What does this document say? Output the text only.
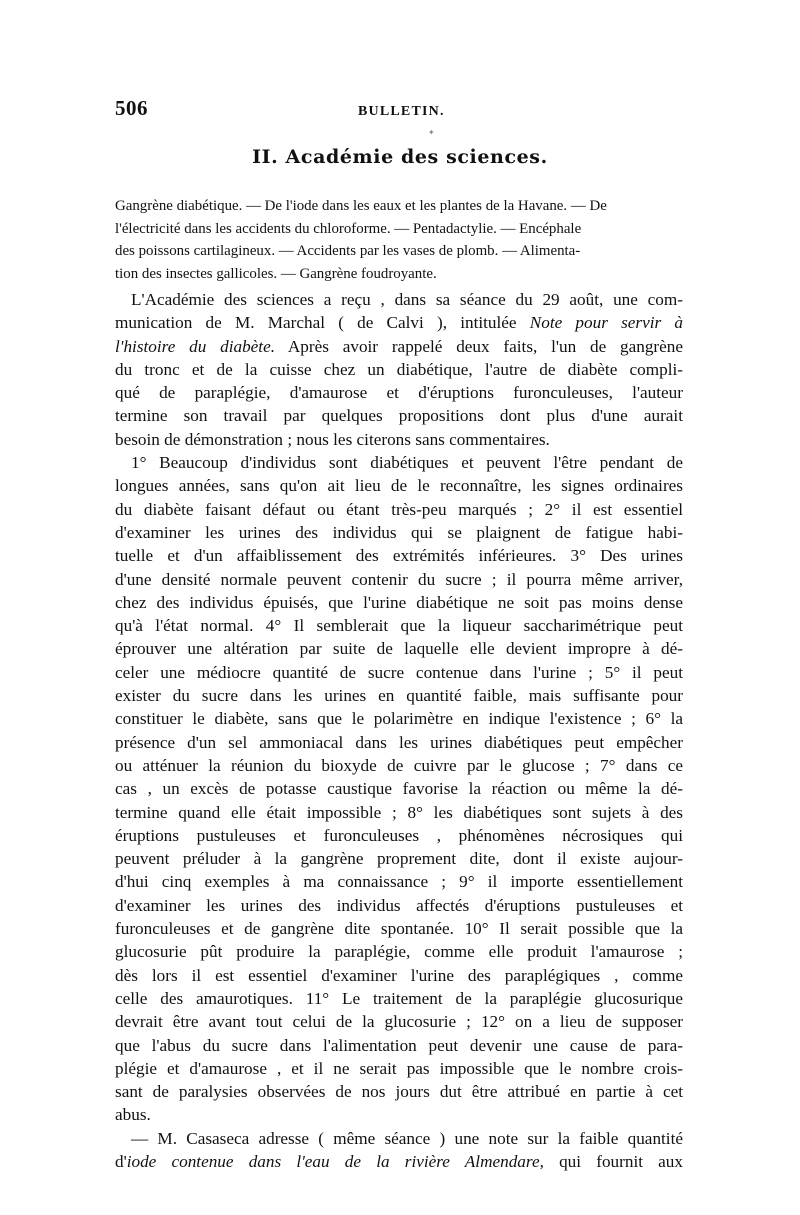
506	BULLETIN.
✦
II. Académie des sciences.
Gangrène diabétique. — De l'iode dans les eaux et les plantes de la Havane. — De
l'électricité dans les accidents du chloroforme. — Pentadactylie. — Encéphale
des poissons cartilagineux. — Accidents par les vases de plomb. — Alimenta-
tion des insectes gallicoles. — Gangrène foudroyante.
L'Académie des sciences a reçu , dans sa séance du 29 août, une com-
munication de M. Marchal ( de Calvi ), intitulée Note pour servir à
l'histoire du diabète. Après avoir rappelé deux faits, l'un de gangrène
du tronc et de la cuisse chez un diabétique, l'autre de diabète compli-
qué de paraplégie, d'amaurose et d'éruptions furonculeuses, l'auteur
termine son travail par quelques propositions dont plus d'une aurait
besoin de démonstration ; nous les citerons sans commentaires.
1° Beaucoup d'individus sont diabétiques et peuvent l'être pendant de
longues années, sans qu'on ait lieu de le reconnaître, les signes ordinaires
du diabète faisant défaut ou étant très-peu marqués ; 2° il est essentiel
d'examiner les urines des individus qui se plaignent de fatigue habi-
tuelle et d'un affaiblissement des extrémités inférieures. 3° Des urines
d'une densité normale peuvent contenir du sucre ; il pourra même arriver,
chez des individus épuisés, que l'urine diabétique ne soit pas moins dense
qu'à l'état normal. 4° Il semblerait que la liqueur saccharimétrique peut
éprouver une altération par suite de laquelle elle devient impropre à dé-
celer une médiocre quantité de sucre contenue dans l'urine ; 5° il peut
exister du sucre dans les urines en quantité faible, mais suffisante pour
constituer le diabète, sans que le polarimètre en indique l'existence ; 6° la
présence d'un sel ammoniacal dans les urines diabétiques peut empêcher
ou atténuer la réunion du bioxyde de cuivre par le glucose ; 7° dans ce
cas , un excès de potasse caustique favorise la réaction ou même la dé-
termine quand elle était impossible ; 8° les diabétiques sont sujets à des
éruptions pustuleuses et furonculeuses , phénomènes nécrosiques qui
peuvent préluder à la gangrène proprement dite, dont il existe aujour-
d'hui cinq exemples à ma connaissance ; 9° il importe essentiellement
d'examiner les urines des individus affectés d'éruptions pustuleuses et
furonculeuses et de gangrène dite spontanée. 10° Il serait possible que la
glucosurie pût produire la paraplégie, comme elle produit l'amaurose ;
dès lors il est essentiel d'examiner l'urine des paraplégiques , comme
celle des amaurotiques. 11° Le traitement de la paraplégie glucosurique
devrait être avant tout celui de la glucosurie ; 12° on a lieu de supposer
que l'abus du sucre dans l'alimentation peut devenir une cause de para-
plégie et d'amaurose , et il ne serait pas impossible que le nombre crois-
sant de paralysies observées de nos jours dut être attribué en partie à cet
abus.
— M. Casaseca adresse ( même séance ) une note sur la faible quantité
d'iode contenue dans l'eau de la rivière Almendare, qui fournit aux
